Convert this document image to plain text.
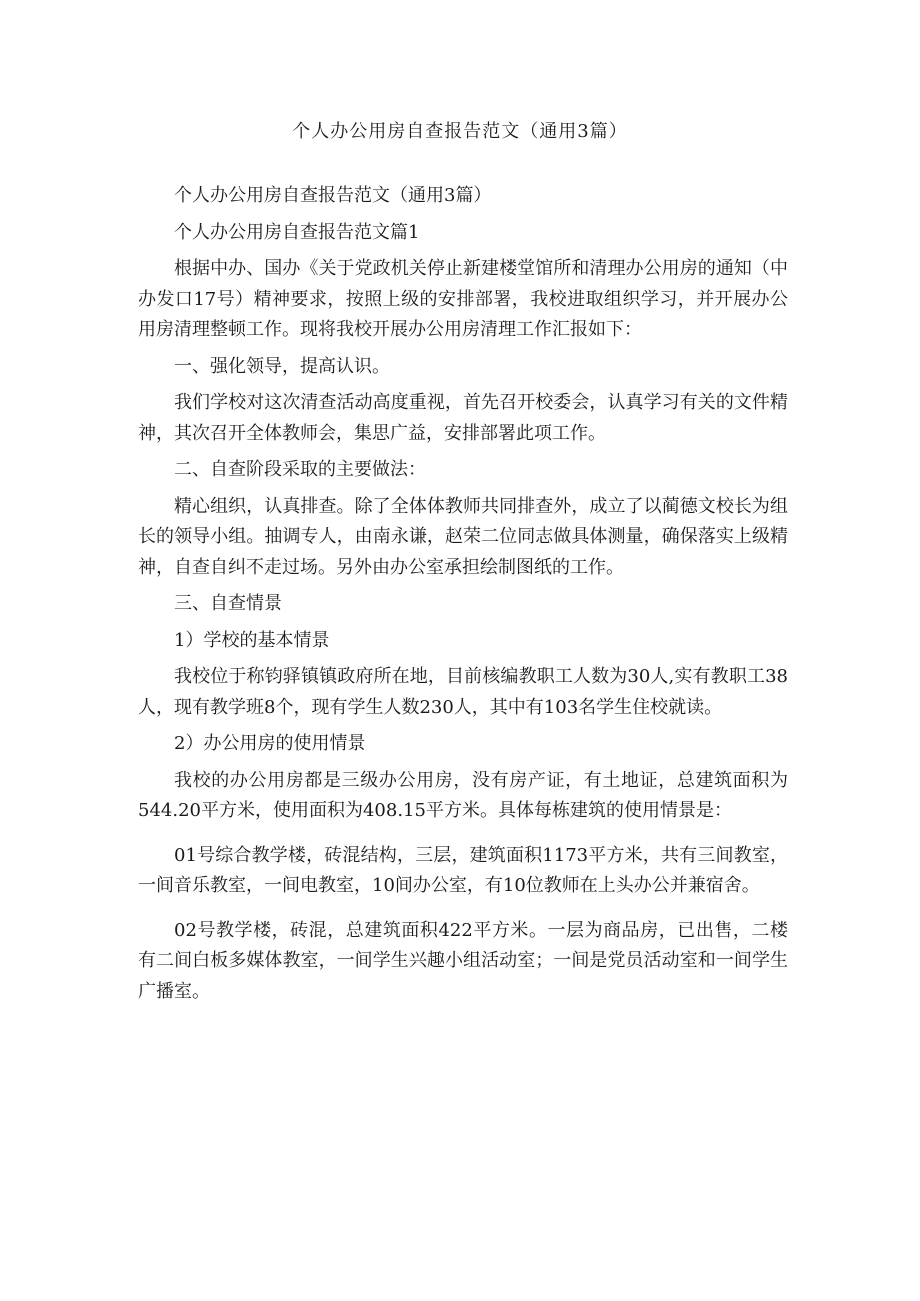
个人办公用房自查报告范文（通用3篇）

个人办公用房自查报告范文（通用3篇）

个人办公用房自查报告范文篇1

根据中办、国办《关于党政机关停止新建楼堂馆所和清理办公用房的通知（中办发口17号）精神要求，按照上级的安排部署，我校进取组织学习，并开展办公用房清理整顿工作。现将我校开展办公用房清理工作汇报如下：

一、强化领导，提高认识。

我们学校对这次清查活动高度重视，首先召开校委会，认真学习有关的文件精神，其次召开全体教师会，集思广益，安排部署此项工作。

二、自查阶段采取的主要做法：

精心组织，认真排查。除了全体体教师共同排查外，成立了以蔺德文校长为组长的领导小组。抽调专人，由南永谦，赵荣二位同志做具体测量，确保落实上级精神，自查自纠不走过场。另外由办公室承担绘制图纸的工作。

三、自查情景

1）学校的基本情景

我校位于称钧驿镇镇政府所在地，目前核编教职工人数为30人,实有教职工38人，现有教学班8个，现有学生人数230人，其中有103名学生住校就读。

2）办公用房的使用情景

我校的办公用房都是三级办公用房，没有房产证，有土地证，总建筑面积为544.20平方米，使用面积为408.15平方米。具体每栋建筑的使用情景是：

01号综合教学楼，砖混结构，三层，建筑面积1173平方米，共有三间教室，一间音乐教室，一间电教室，10间办公室，有10位教师在上头办公并兼宿舍。

02号教学楼，砖混，总建筑面积422平方米。一层为商品房，已出售，二楼有二间白板多媒体教室，一间学生兴趣小组活动室；一间是党员活动室和一间学生广播室。
